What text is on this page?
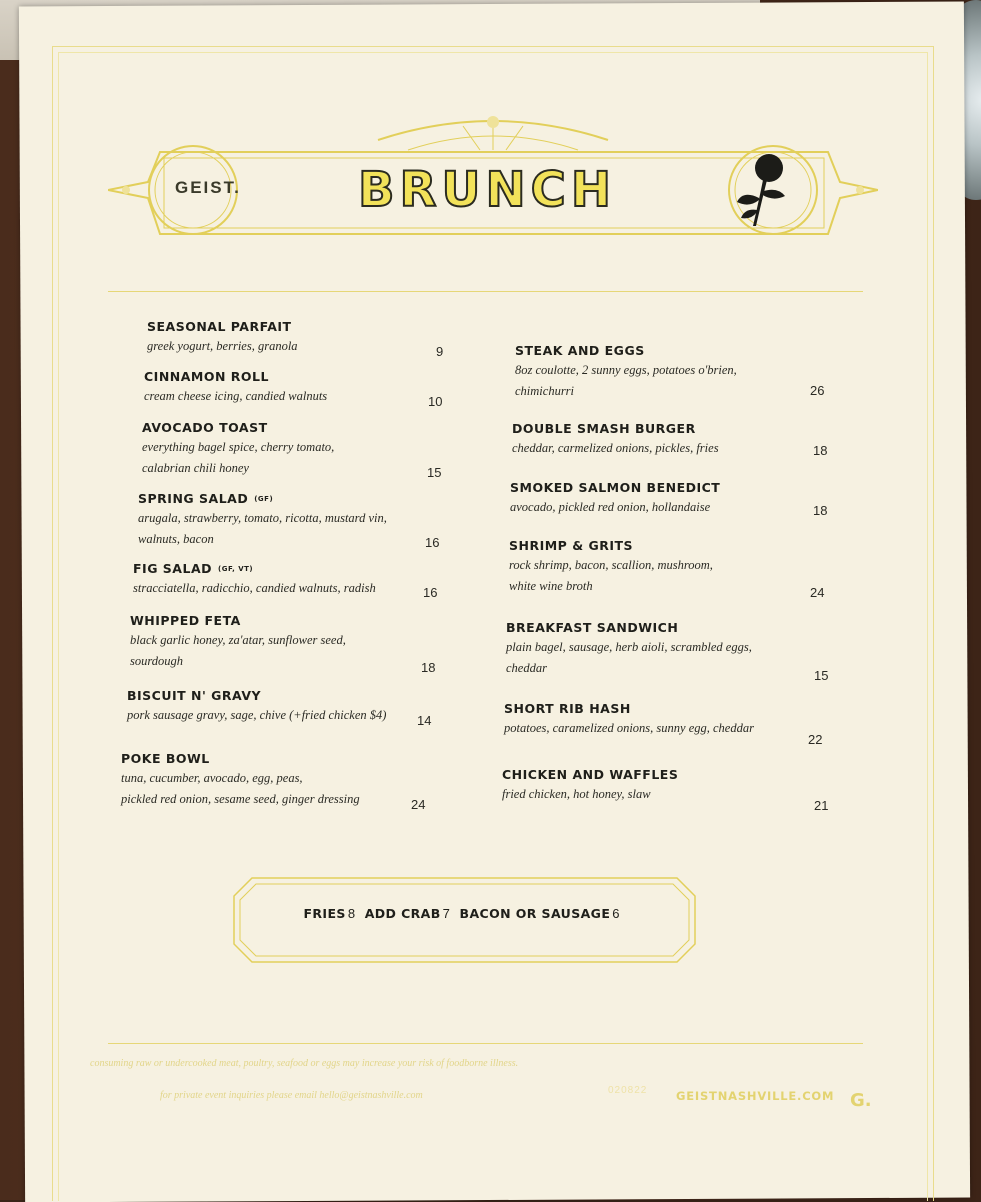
GEIST. BRUNCH
SEASONAL PARFAIT
greek yogurt, berries, granola	9
CINNAMON ROLL
cream cheese icing, candied walnuts	10
AVOCADO TOAST
everything bagel spice, cherry tomato,
calabrian chili honey	15
SPRING SALAD (GF)
arugala, strawberry, tomato, ricotta, mustard vin,
walnuts, bacon	16
FIG SALAD (GF, VT)
stracciatella, radicchio, candied walnuts, radish	16
WHIPPED FETA
black garlic honey, za'atar, sunflower seed,
sourdough	18
BISCUIT N' GRAVY
pork sausage gravy, sage, chive (+fried chicken $4) 14
POKE BOWL
tuna, cucumber, avocado, egg, peas,
pickled red onion, sesame seed, ginger dressing	24
STEAK AND EGGS
8oz coulotte, 2 sunny eggs, potatoes o'brien,
chimichurri	26
DOUBLE SMASH BURGER
cheddar, carmelized onions, pickles, fries	18
SMOKED SALMON BENEDICT
avocado, pickled red onion, hollandaise	18
SHRIMP & GRITS
rock shrimp, bacon, scallion, mushroom,
white wine broth	24
BREAKFAST SANDWICH
plain bagel, sausage, herb aioli, scrambled eggs,
cheddar	15
SHORT RIB HASH
potatoes, caramelized onions, sunny egg, cheddar
22
CHICKEN AND WAFFLES
fried chicken, hot honey, slaw
21
FRIES 8 ADD CRAB 7 BACON OR SAUSAGE 6
consuming raw or undercooked meat, poultry, seafood or eggs may increase your risk of foodborne illness.
for private event inquiries please email hello@geistnashville.com	020822 GEISTNASHVILLE.COM G.
